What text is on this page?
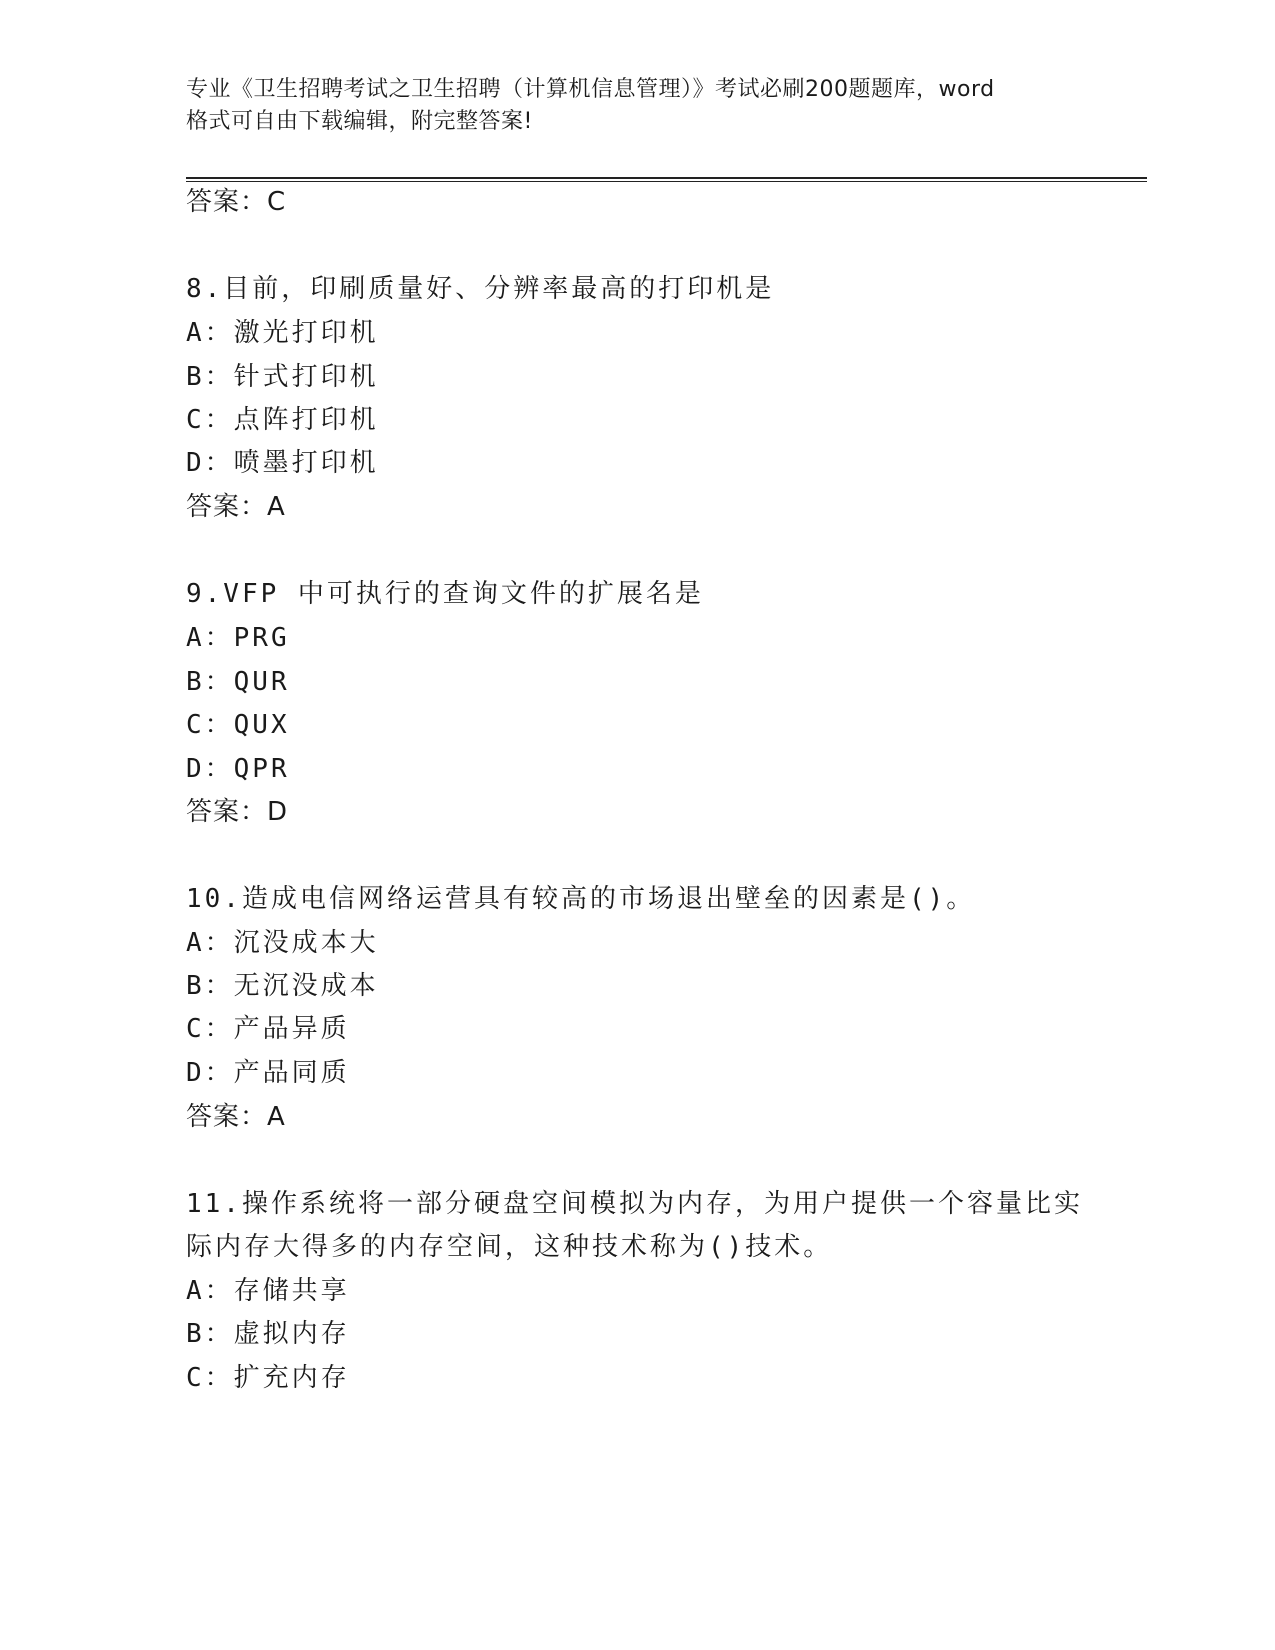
专业《卫生招聘考试之卫生招聘（计算机信息管理）》考试必刷200题题库，word
格式可自由下载编辑，附完整答案!
答案：C
8.目前，印刷质量好、分辨率最高的打印机是
A：激光打印机
B：针式打印机
C：点阵打印机
D：喷墨打印机
答案：A
9.VFP 中可执行的查询文件的扩展名是
A：PRG
B：QUR
C：QUX
D：QPR
答案：D
10.造成电信网络运营具有较高的市场退出壁垒的因素是()。
A：沉没成本大
B：无沉没成本
C：产品异质
D：产品同质
答案：A
11.操作系统将一部分硬盘空间模拟为内存，为用户提供一个容量比实
际内存大得多的内存空间，这种技术称为()技术。
A：存储共享
B：虚拟内存
C：扩充内存
